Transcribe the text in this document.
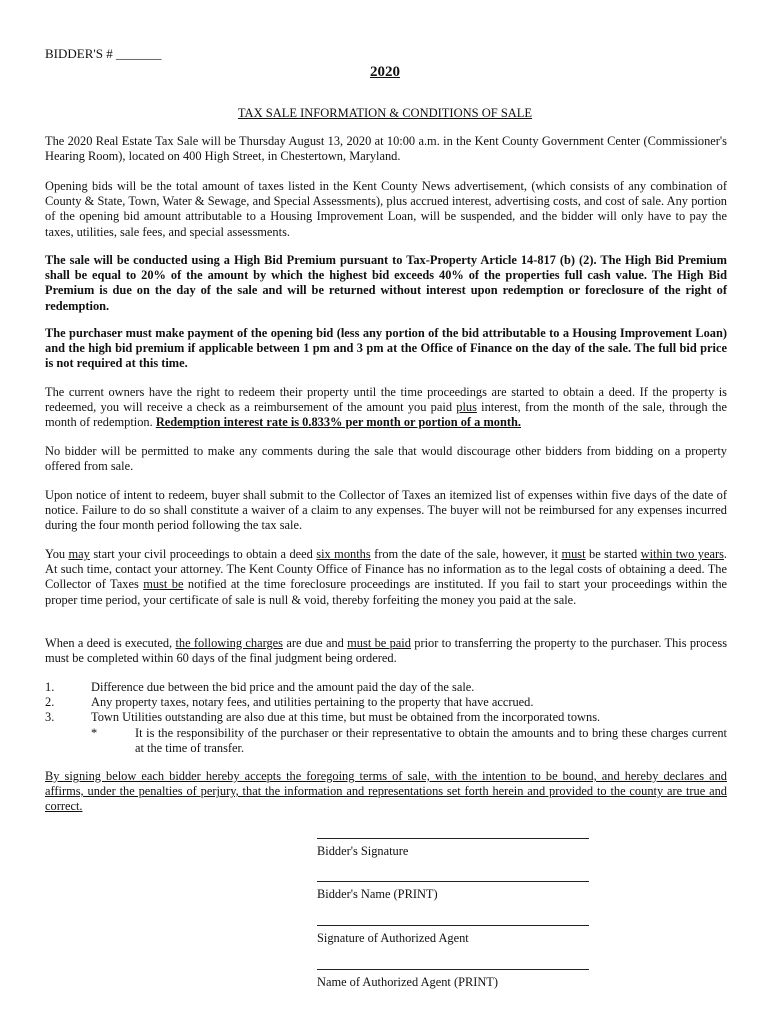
BIDDER'S # _______
2020
TAX SALE INFORMATION & CONDITIONS OF SALE

The 2020 Real Estate Tax Sale will be Thursday August 13, 2020 at 10:00 a.m. in the Kent County Government Center (Commissioner's Hearing Room), located on 400 High Street, in Chestertown, Maryland.

Opening bids will be the total amount of taxes listed in the Kent County News advertisement, (which consists of any combination of County & State, Town, Water & Sewage, and Special Assessments), plus accrued interest, advertising costs, and cost of sale. Any portion of the opening bid amount attributable to a Housing Improvement Loan, will be suspended, and the bidder will only have to pay the taxes, utilities, sale fees, and special assessments.

The sale will be conducted using a High Bid Premium pursuant to Tax-Property Article 14-817 (b) (2). The High Bid Premium shall be equal to 20% of the amount by which the highest bid exceeds 40% of the properties full cash value. The High Bid Premium is due on the day of the sale and will be returned without interest upon redemption or foreclosure of the right of redemption.

The purchaser must make payment of the opening bid (less any portion of the bid attributable to a Housing Improvement Loan) and the high bid premium if applicable between 1 pm and 3 pm at the Office of Finance on the day of the sale. The full bid price is not required at this time.

The current owners have the right to redeem their property until the time proceedings are started to obtain a deed. If the property is redeemed, you will receive a check as a reimbursement of the amount you paid plus interest, from the month of the sale, through the month of redemption. Redemption interest rate is 0.833% per month or portion of a month.

No bidder will be permitted to make any comments during the sale that would discourage other bidders from bidding on a property offered from sale.

Upon notice of intent to redeem, buyer shall submit to the Collector of Taxes an itemized list of expenses within five days of the date of notice. Failure to do so shall constitute a waiver of a claim to any expenses. The buyer will not be reimbursed for any expenses incurred during the four month period following the tax sale.

You may start your civil proceedings to obtain a deed six months from the date of the sale, however, it must be started within two years. At such time, contact your attorney. The Kent County Office of Finance has no information as to the legal costs of obtaining a deed. The Collector of Taxes must be notified at the time foreclosure proceedings are instituted. If you fail to start your proceedings within the proper time period, your certificate of sale is null & void, thereby forfeiting the money you paid at the sale.

When a deed is executed, the following charges are due and must be paid prior to transferring the property to the purchaser. This process must be completed within 60 days of the final judgment being ordered.

1.	Difference due between the bid price and the amount paid the day of the sale.
2.	Any property taxes, notary fees, and utilities pertaining to the property that have accrued.
3.	Town Utilities outstanding are also due at this time, but must be obtained from the incorporated towns.
*	It is the responsibility of the purchaser or their representative to obtain the amounts and to bring these charges current at the time of transfer.

By signing below each bidder hereby accepts the foregoing terms of sale, with the intention to be bound, and hereby declares and affirms, under the penalties of perjury, that the information and representations set forth herein and provided to the county are true and correct.

Bidder's Signature
Bidder's Name (PRINT)
Signature of Authorized Agent
Name of Authorized Agent (PRINT)
